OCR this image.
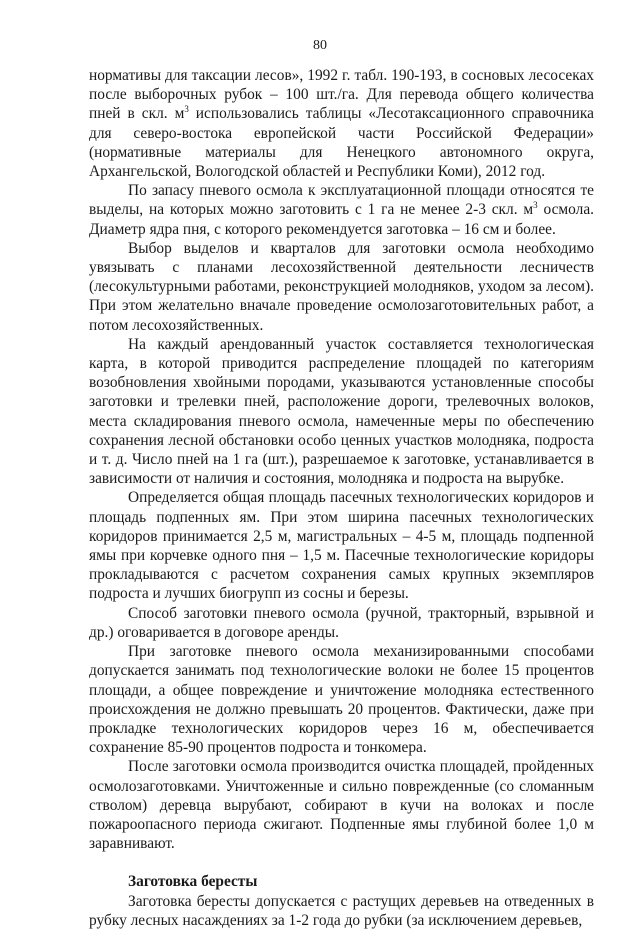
80

нормативы для таксации лесов», 1992 г. табл. 190-193, в сосновых лесосеках после выборочных рубок – 100 шт./га. Для перевода общего количества пней в скл. $м^3$ использовались таблицы «Лесотаксационного справочника для северо-востока европейской части Российской Федерации» (нормативные материалы для Ненецкого автономного округа, Архангельской, Вологодской областей и Республики Коми), 2012 год.

По запасу пневого осмола к эксплуатационной площади относятся те выделы, на которых можно заготовить с 1 га не менее 2-3 скл. $м^3$ осмола. Диаметр ядра пня, с которого рекомендуется заготовка – 16 см и более.

Выбор выделов и кварталов для заготовки осмола необходимо увязывать с планами лесохозяйственной деятельности лесничеств (лесокультурными работами, реконструкцией молодняков, уходом за лесом). При этом желательно вначале проведение осмолозаготовительных работ, а потом лесохозяйственных.

На каждый арендованный участок составляется технологическая карта, в которой приводится распределение площадей по категориям возобновления хвойными породами, указываются установленные способы заготовки и трелевки пней, расположение дороги, трелевочных волоков, места складирования пневого осмола, намеченные меры по обеспечению сохранения лесной обстановки особо ценных участков молодняка, подроста и т. д. Число пней на 1 га (шт.), разрешаемое к заготовке, устанавливается в зависимости от наличия и состояния, молодняка и подроста на вырубке.

Определяется общая площадь пасечных технологических коридоров и площадь подпенных ям. При этом ширина пасечных технологических коридоров принимается 2,5 м, магистральных – 4-5 м, площадь подпенной ямы при корчевке одного пня – 1,5 м. Пасечные технологические коридоры прокладываются с расчетом сохранения самых крупных экземпляров подроста и лучших биогрупп из сосны и березы.

Способ заготовки пневого осмола (ручной, тракторный, взрывной и др.) оговаривается в договоре аренды.

При заготовке пневого осмола механизированными способами допускается занимать под технологические волоки не более 15 процентов площади, а общее повреждение и уничтожение молодняка естественного происхождения не должно превышать 20 процентов. Фактически, даже при прокладке технологических коридоров через 16 м, обеспечивается сохранение 85-90 процентов подроста и тонкомера.

После заготовки осмола производится очистка площадей, пройденных осмолозаготовками. Уничтоженные и сильно поврежденные (со сломанным стволом) деревца вырубают, собирают в кучи на волоках и после пожароопасного периода сжигают. Подпенные ямы глубиной более 1,0 м заравнивают.

Заготовка бересты

Заготовка бересты допускается с растущих деревьев на отведенных в рубку лесных насаждениях за 1-2 года до рубки (за исключением деревьев,
